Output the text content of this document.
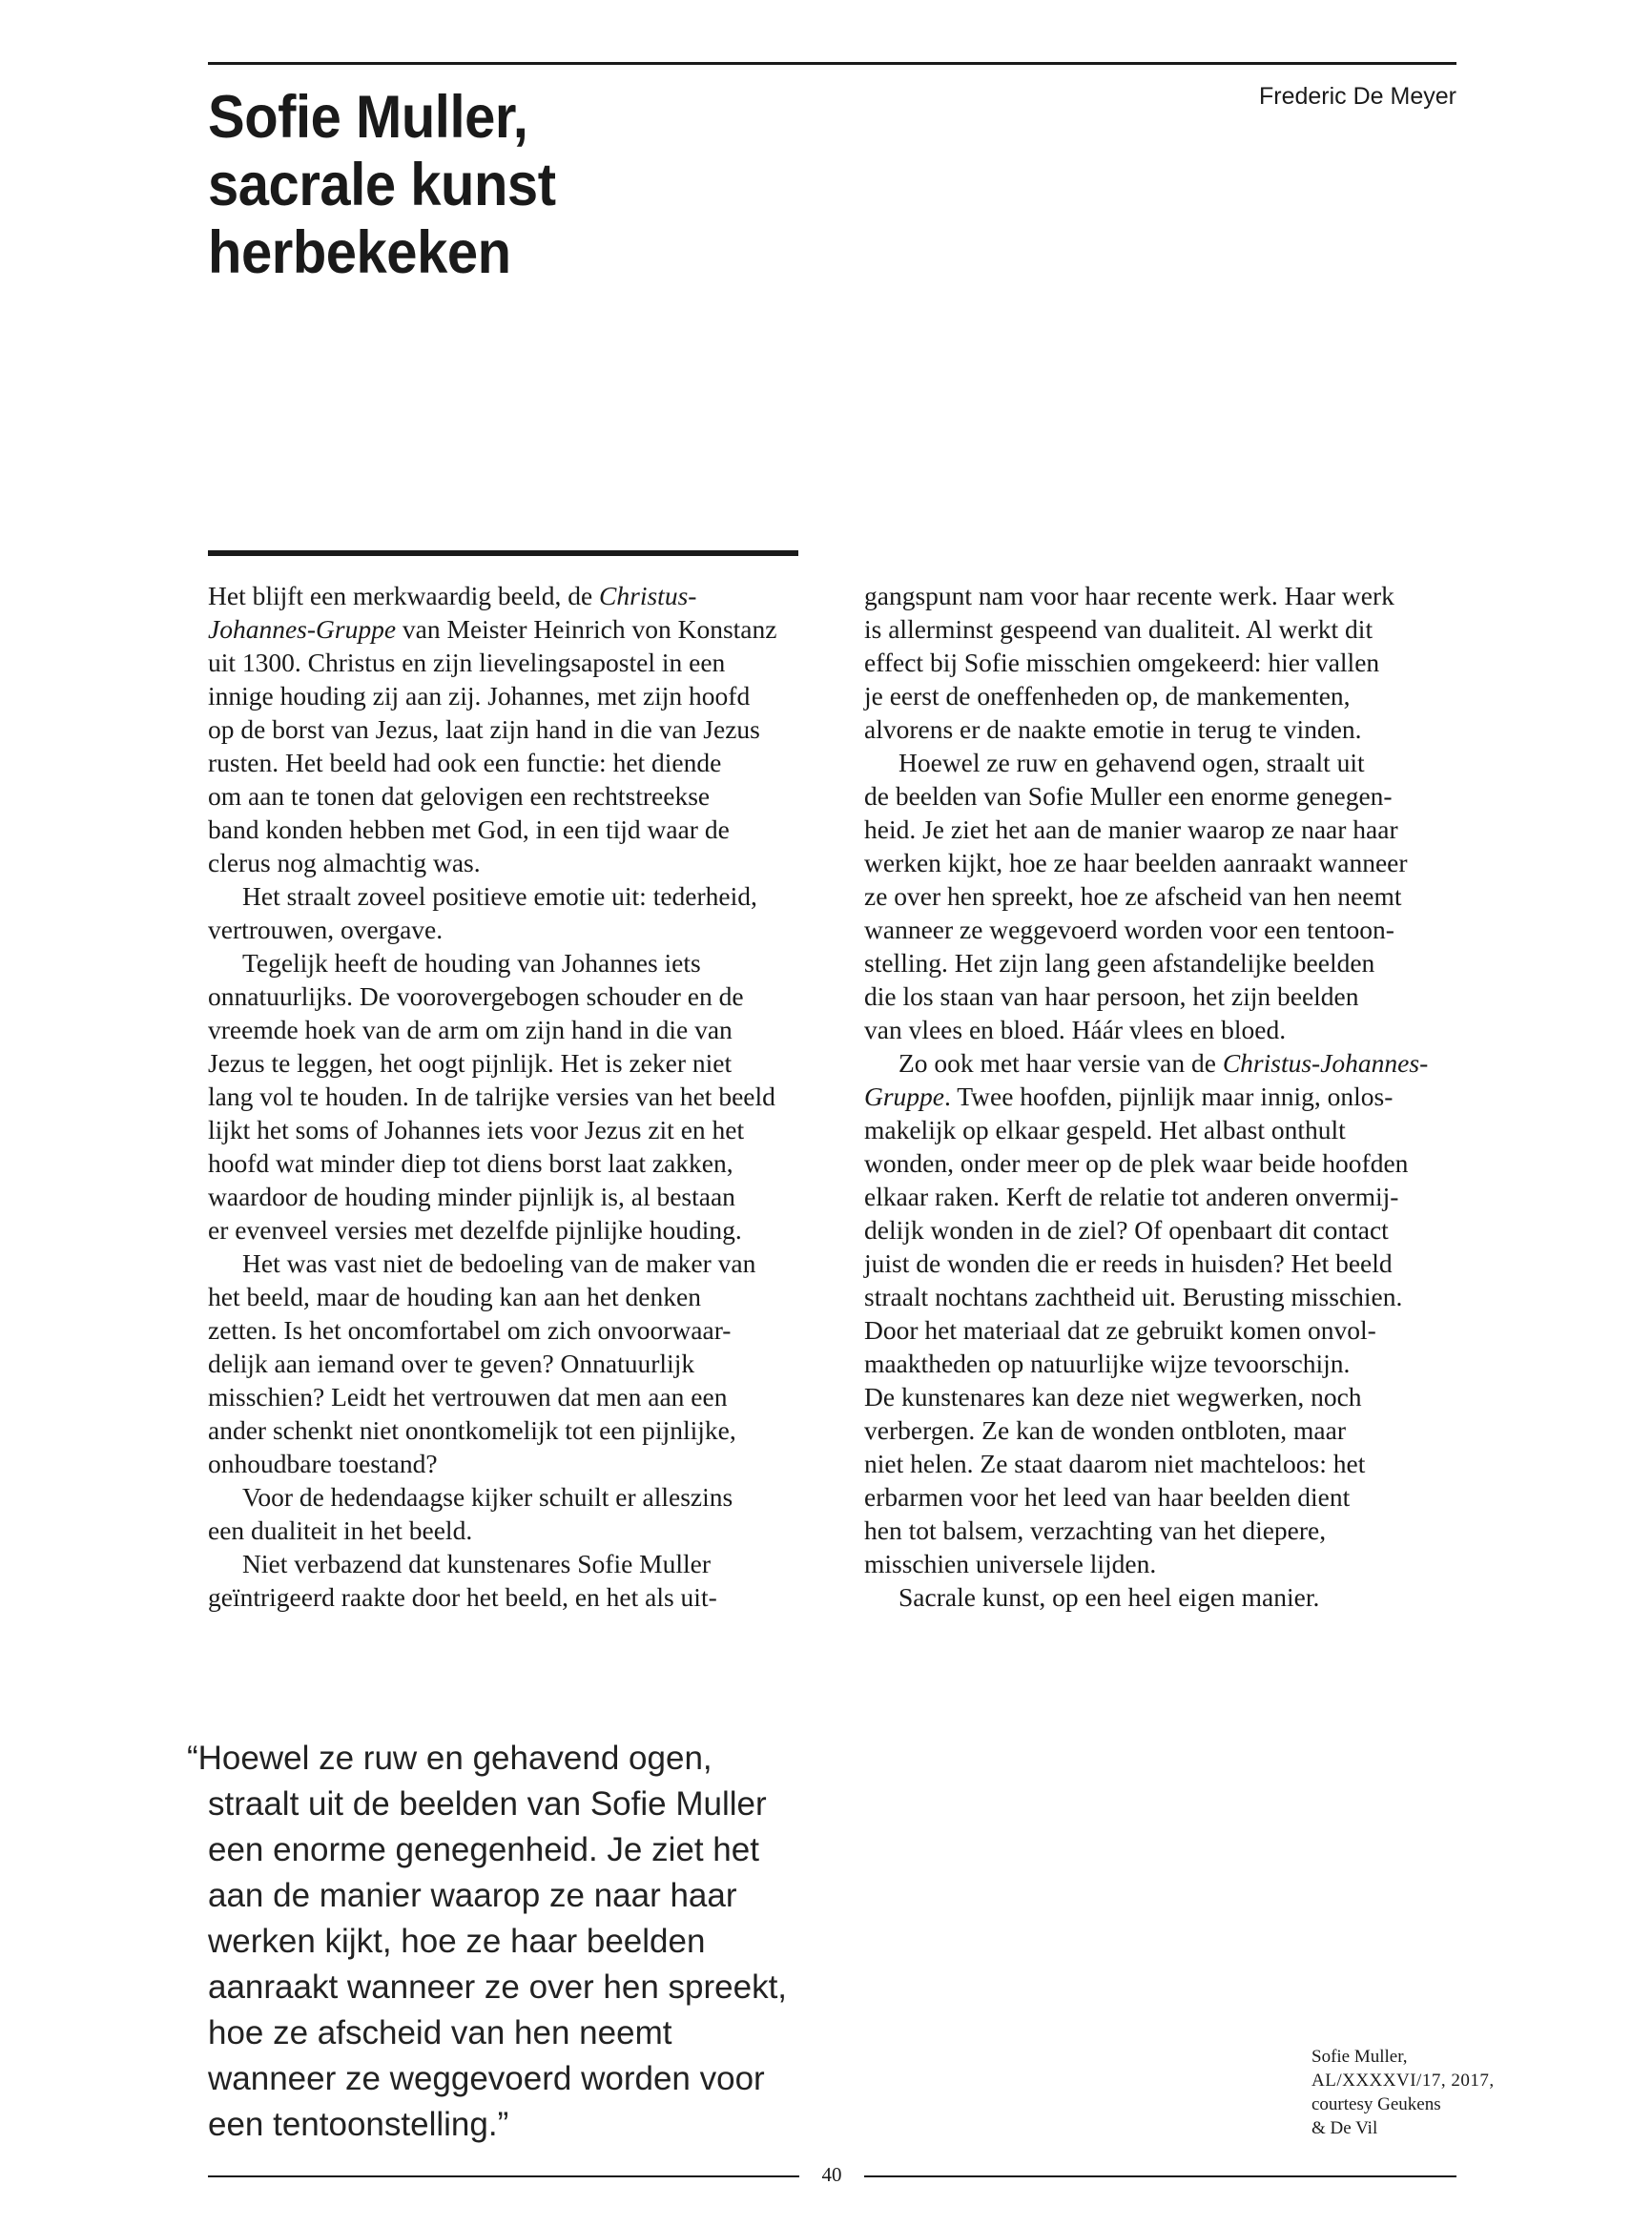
Sofie Muller,
sacrale kunst
herbekeken
Frederic De Meyer
Het blijft een merkwaardig beeld, de Christus-
Johannes-Gruppe van Meister Heinrich von Konstanz
uit 1300. Christus en zijn lievelingsapostel in een
innige houding zij aan zij. Johannes, met zijn hoofd
op de borst van Jezus, laat zijn hand in die van Jezus
rusten. Het beeld had ook een functie: het diende
om aan te tonen dat gelovigen een rechtstreekse
band konden hebben met God, in een tijd waar de
clerus nog almachtig was.
Het straalt zoveel positieve emotie uit: tederheid,
vertrouwen, overgave.
Tegelijk heeft de houding van Johannes iets
onnatuurlijks. De voorovergebogen schouder en de
vreemde hoek van de arm om zijn hand in die van
Jezus te leggen, het oogt pijnlijk. Het is zeker niet
lang vol te houden. In de talrijke versies van het beeld
lijkt het soms of Johannes iets voor Jezus zit en het
hoofd wat minder diep tot diens borst laat zakken,
waardoor de houding minder pijnlijk is, al bestaan
er evenveel versies met dezelfde pijnlijke houding.
Het was vast niet de bedoeling van de maker van
het beeld, maar de houding kan aan het denken
zetten. Is het oncomfortabel om zich onvoorwaar-
delijk aan iemand over te geven? Onnatuurlijk
misschien? Leidt het vertrouwen dat men aan een
ander schenkt niet onontkomelijk tot een pijnlijke,
onhoudbare toestand?
Voor de hedendaagse kijker schuilt er alleszins
een dualiteit in het beeld.
Niet verbazend dat kunstenares Sofie Muller
geïntrigeerd raakte door het beeld, en het als uit-
gangspunt nam voor haar recente werk. Haar werk
is allerminst gespeend van dualiteit. Al werkt dit
effect bij Sofie misschien omgekeerd: hier vallen
je eerst de oneffenheden op, de mankementen,
alvorens er de naakte emotie in terug te vinden.
Hoewel ze ruw en gehavend ogen, straalt uit
de beelden van Sofie Muller een enorme genegen-
heid. Je ziet het aan de manier waarop ze naar haar
werken kijkt, hoe ze haar beelden aanraakt wanneer
ze over hen spreekt, hoe ze afscheid van hen neemt
wanneer ze weggevoerd worden voor een tentoon-
stelling. Het zijn lang geen afstandelijke beelden
die los staan van haar persoon, het zijn beelden
van vlees en bloed. Háár vlees en bloed.
Zo ook met haar versie van de Christus-Johannes-
Gruppe. Twee hoofden, pijnlijk maar innig, onlos-
makelijk op elkaar gespeld. Het albast onthult
wonden, onder meer op de plek waar beide hoofden
elkaar raken. Kerft de relatie tot anderen onvermij-
delijk wonden in de ziel? Of openbaart dit contact
juist de wonden die er reeds in huisden? Het beeld
straalt nochtans zachtheid uit. Berusting misschien.
Door het materiaal dat ze gebruikt komen onvol-
maaktheden op natuurlijke wijze tevoorschijn.
De kunstenares kan deze niet wegwerken, noch
verbergen. Ze kan de wonden ontbloten, maar
niet helen. Ze staat daarom niet machteloos: het
erbarmen voor het leed van haar beelden dient
hen tot balsem, verzachting van het diepere,
misschien universele lijden.
Sacrale kunst, op een heel eigen manier.
“Hoewel ze ruw en gehavend ogen,
straalt uit de beelden van Sofie Muller
een enorme genegenheid. Je ziet het
aan de manier waarop ze naar haar
werken kijkt, hoe ze haar beelden
aanraakt wanneer ze over hen spreekt,
hoe ze afscheid van hen neemt
wanneer ze weggevoerd worden voor
een tentoonstelling.”
Sofie Muller,
AL/XXXXVI/17, 2017,
courtesy Geukens
& De Vil
40
